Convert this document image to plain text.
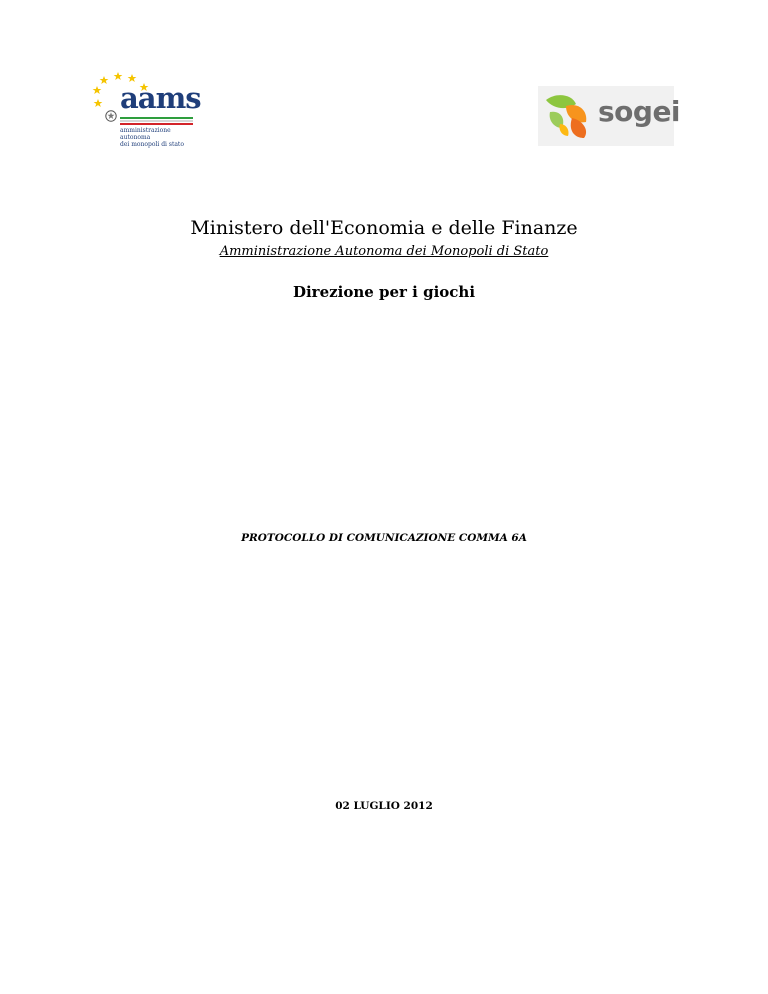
aams
amministrazione autonoma
dei monopoli di stato
sogei
Ministero dell'Economia e delle Finanze
Amministrazione Autonoma dei Monopoli di Stato
Direzione per i giochi
PROTOCOLLO DI COMUNICAZIONE COMMA 6A
02 LUGLIO 2012
